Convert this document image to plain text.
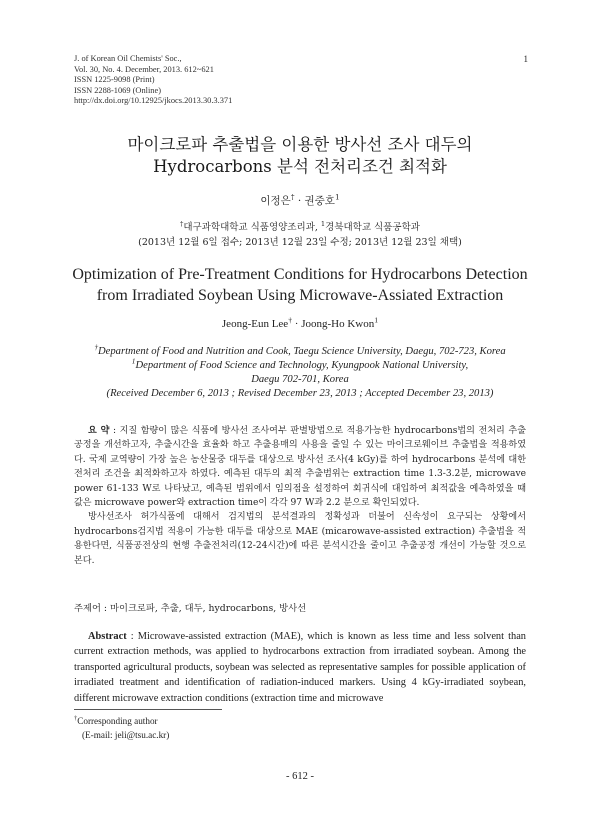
J. of Korean Oil Chemists' Soc.,
Vol. 30, No. 4. December, 2013. 612~621
ISSN 1225-9098 (Print)
ISSN 2288-1069 (Online)
http://dx.doi.org/10.12925/jkocs.2013.30.3.371
1
마이크로파 추출법을 이용한 방사선 조사 대두의
Hydrocarbons 분석 전처리조건 최적화
이정은† · 권중호$^1$
†대구과학대학교 식품영양조리과, $^1$경북대학교 식품공학과
(2013년 12월 6일 접수; 2013년 12월 23일 수정; 2013년 12월 23일 채택)
Optimization of Pre-Treatment Conditions for Hydrocarbons Detection
from Irradiated Soybean Using Microwave-Assiated Extraction
Jeong-Eun Lee† · Joong-Ho Kwon$^1$
†Department of Food and Nutrition and Cook, Taegu Science University, Daegu, 702-723, Korea
$^1$Department of Food Science and Technology, Kyungpook National University,
Daegu 702-701, Korea
(Received December 6, 2013 ; Revised December 23, 2013 ; Accepted December 23, 2013)

요 약 : 지질 함량이 많은 식품에 방사선 조사여부 판별방법으로 적용가능한 hydrocarbons법의 전처리 추출공정을 개선하고자, 추출시간을 효율화 하고 추출용매의 사용을 줄일 수 있는 마이크로웨이브 추출법을 적용하였다. 국제 교역량이 가장 높은 농산물중 대두를 대상으로 방사선 조사(4 kGy)를 하여 hydrocarbons 분석에 대한 전처리 조건을 최적화하고자 하였다. 예측된 대두의 최적 추출범위는 extraction time 1.3-3.2분, microwave power 61-133 W로 나타났고, 예측된 범위에서 임의점을 설정하여 회귀식에 대입하여 최적값을 예측하였을 때 값은 microwave power와 extraction time이 각각 97 W과 2.2 분으로 확인되었다.

방사선조사 허가식품에 대해서 검지법의 분석결과의 정확성과 더불어 신속성이 요구되는 상황에서 hydrocarbons검지법 적용이 가능한 대두를 대상으로 MAE (micarowave-assisted extraction) 추출법을 적용한다면, 식품공전상의 현행 추출전처리(12-24시간)에 따른 분석시간을 줄이고 추출공정 개선이 가능할 것으로 본다.

주제어 : 마이크로파, 추출, 대두, hydrocarbons, 방사선

Abstract : Microwave-assisted extraction (MAE), which is known as less time and less solvent than current extraction methods, was applied to hydrocarbons extraction from irradiated soybean. Among the transported agricultural products, soybean was selected as representative samples for possible application of irradiated treatment and identification of radiation-induced markers. Using 4 kGy-irradiated soybean, different microwave extraction conditions (extraction time and microwave

†Corresponding author
(E-mail: jeli@tsu.ac.kr)
- 612 -
